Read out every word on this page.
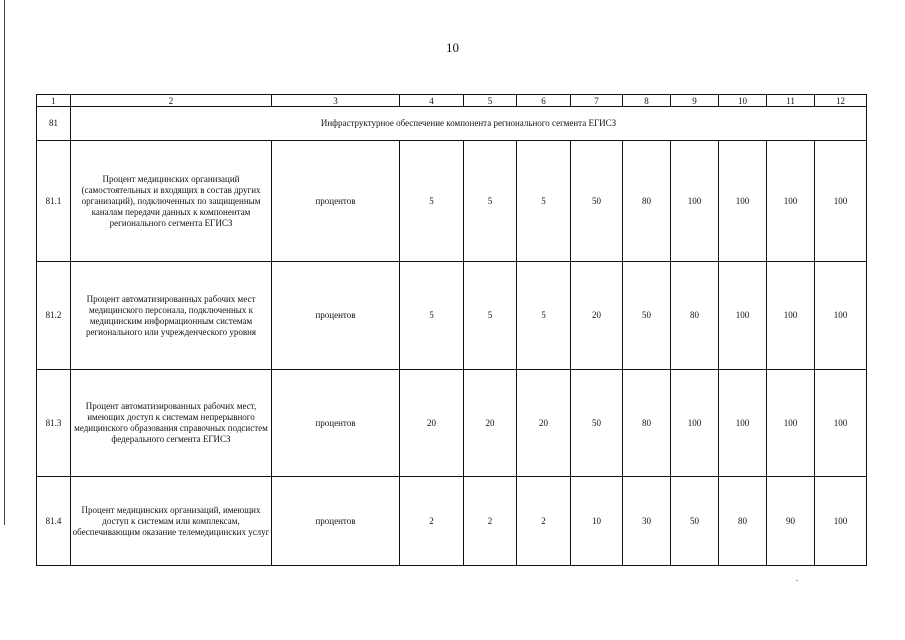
10
1	2	3	4	5	6	7	8	9	10	11	12
81	Инфраструктурное обеспечение компонента регионального сегмента ЕГИСЗ										
81.1	Процент медицинских организаций (самостоятельных и входящих в состав других организаций), подключенных по защищенным каналам передачи данных к компонентам регионального сегмента ЕГИСЗ	процентов	5	5	5	50	80	100	100	100	100
81.2	Процент автоматизированных рабочих мест медицинского персонала, подключенных к медицинским информационным системам регионального или учрежденческого уровня	процентов	5	5	5	20	50	80	100	100	100
81.3	Процент автоматизированных рабочих мест, имеющих доступ к системам непрерывного медицинского образования справочных подсистем федерального сегмента ЕГИСЗ	процентов	20	20	20	50	80	100	100	100	100
81.4	Процент медицинских организаций, имеющих доступ к системам или комплексам, обеспечивающим оказание телемедицинских услуг	процентов	2	2	2	10	30	50	80	90	100
